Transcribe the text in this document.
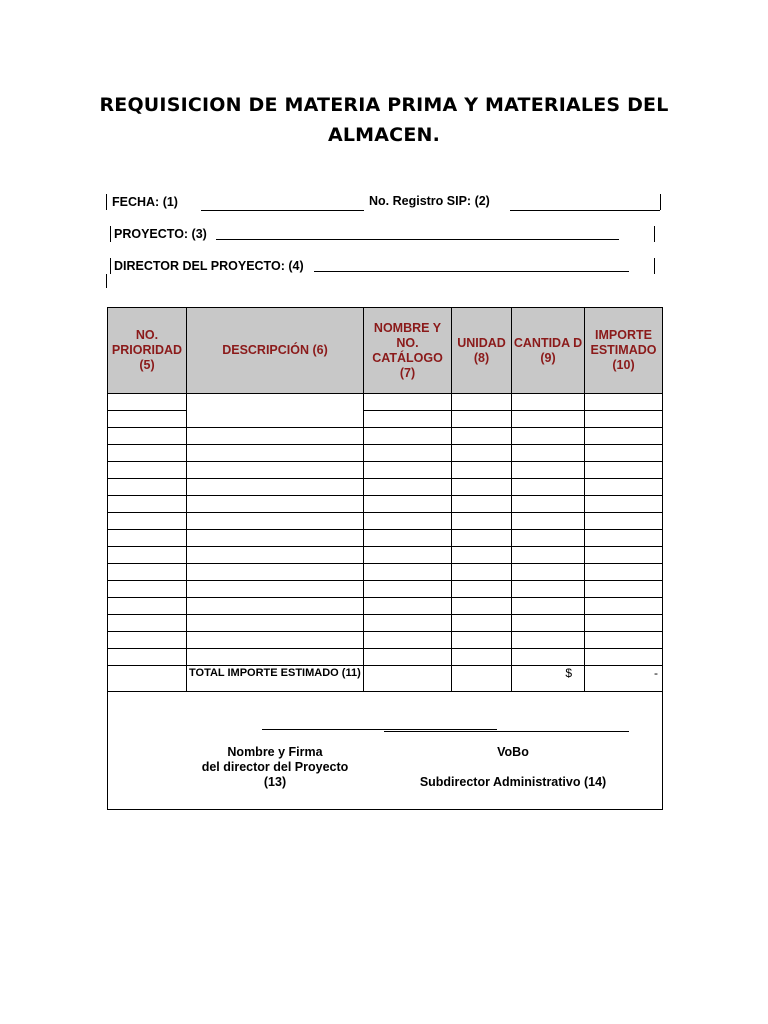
REQUISICION DE MATERIA PRIMA Y MATERIALES DEL ALMACEN.
FECHA: (1)	No. Registro SIP: (2)
PROYECTO: (3)
DIRECTOR DEL PROYECTO: (4)
NO. PRIORIDAD (5)	DESCRIPCIÓN (6)	NOMBRE Y NO. CATÁLOGO (7)	UNIDAD (8)	CANTIDA D (9)	IMPORTE ESTIMADO (10)

	TOTAL IMPORTE ESTIMADO (11)			$	-

Nombre y Firma
del director del Proyecto
(13)
VoBo
Subdirector Administrativo (14)					
